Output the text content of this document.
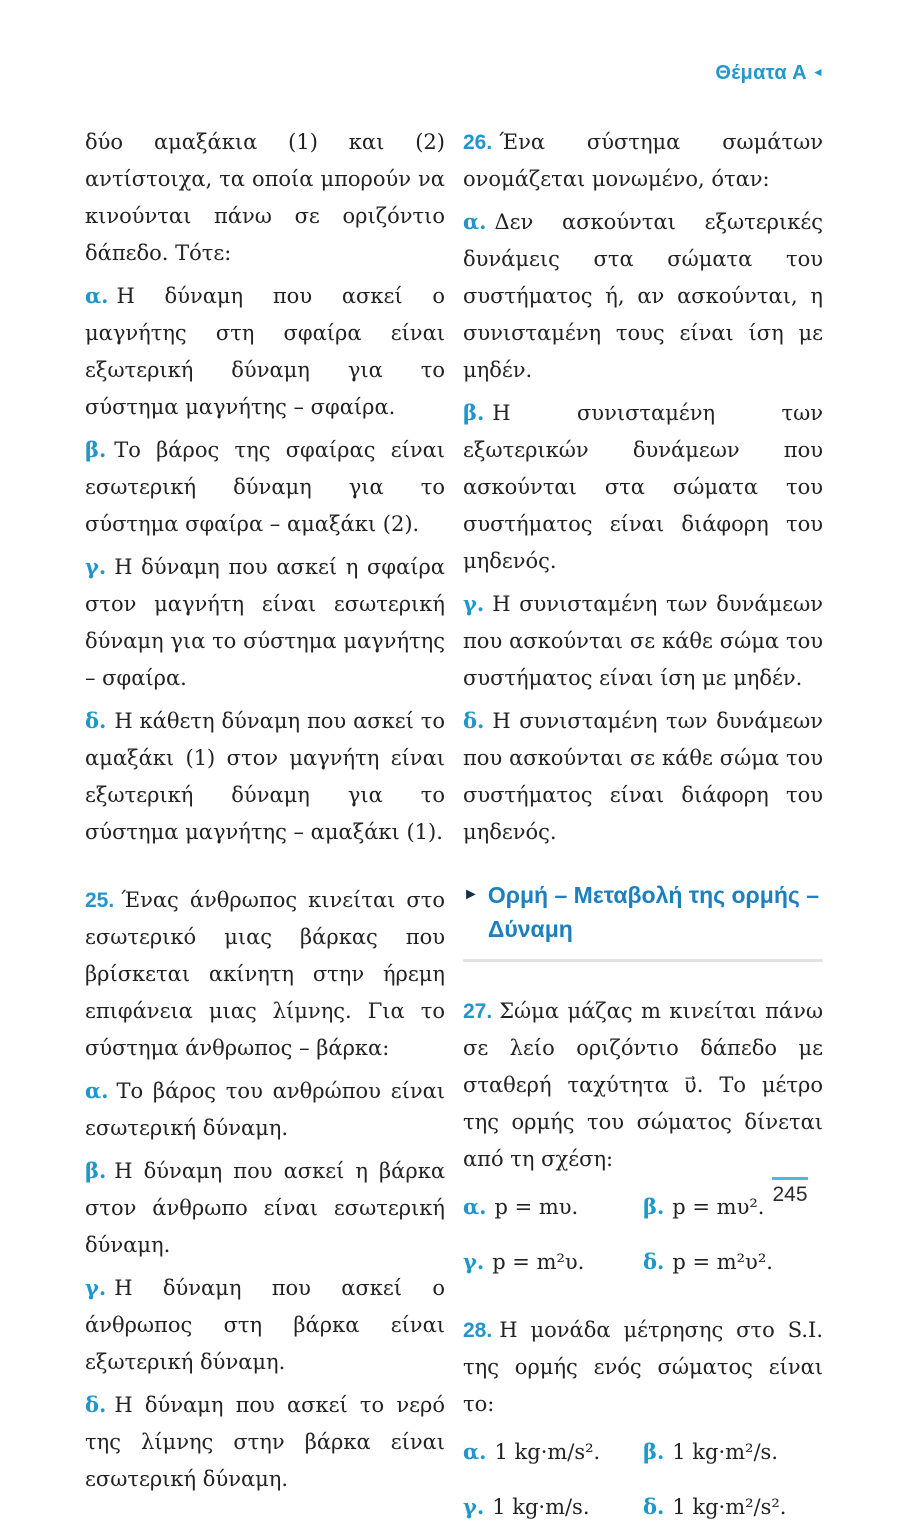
Θέματα Α ◄

δύο αμαξάκια (1) και (2) αντίστοιχα, τα οποία μπορούν να κινούνται πάνω σε οριζόντιο δάπεδο. Τότε:

α. Η δύναμη που ασκεί ο μαγνήτης στη σφαίρα είναι εξωτερική δύναμη για το σύστημα μαγνήτης – σφαίρα.

β. Το βάρος της σφαίρας είναι εσωτερική δύναμη για το σύστημα σφαίρα – αμαξάκι (2).

γ. Η δύναμη που ασκεί η σφαίρα στον μαγνήτη είναι εσωτερική δύναμη για το σύστημα μαγνήτης – σφαίρα.

δ. Η κάθετη δύναμη που ασκεί το αμαξάκι (1) στον μαγνήτη είναι εξωτερική δύναμη για το σύστημα μαγνήτης – αμαξάκι (1).

25. Ένας άνθρωπος κινείται στο εσωτερικό μιας βάρκας που βρίσκεται ακίνητη στην ήρεμη επιφάνεια μιας λίμνης. Για το σύστημα άνθρωπος – βάρκα:

α. Το βάρος του ανθρώπου είναι εσωτερική δύναμη.

β. Η δύναμη που ασκεί η βάρκα στον άνθρωπο είναι εσωτερική δύναμη.

γ. Η δύναμη που ασκεί ο άνθρωπος στη βάρκα είναι εξωτερική δύναμη.

δ. Η δύναμη που ασκεί το νερό της λίμνης στην βάρκα είναι εσωτερική δύναμη.

26. Ένα σύστημα σωμάτων ονομάζεται μονωμένο, όταν:

α. Δεν ασκούνται εξωτερικές δυνάμεις στα σώματα του συστήματος ή, αν ασκούνται, η συνισταμένη τους είναι ίση με μηδέν.

β. Η συνισταμένη των εξωτερικών δυνάμεων που ασκούνται στα σώματα του συστήματος είναι διάφορη του μηδενός.

γ. Η συνισταμένη των δυνάμεων που ασκούνται σε κάθε σώμα του συστήματος είναι ίση με μηδέν.

δ. Η συνισταμένη των δυνάμεων που ασκούνται σε κάθε σώμα του συστήματος είναι διάφορη του μηδενός.

► Ορμή – Μεταβολή της ορμής – Δύναμη

27. Σώμα μάζας m κινείται πάνω σε λείο οριζόντιο δάπεδο με σταθερή ταχύτητα υ⃗. Το μέτρο της ορμής του σώματος δίνεται από τη σχέση:

α. p = mυ.	β. p = mυ².
γ. p = m²υ.	δ. p = m²υ².

28. Η μονάδα μέτρησης στο S.I. της ορμής ενός σώματος είναι το:

α. 1 kg·m/s².	β. 1 kg·m²/s.
γ. 1 kg·m/s.	δ. 1 kg·m²/s².
245
